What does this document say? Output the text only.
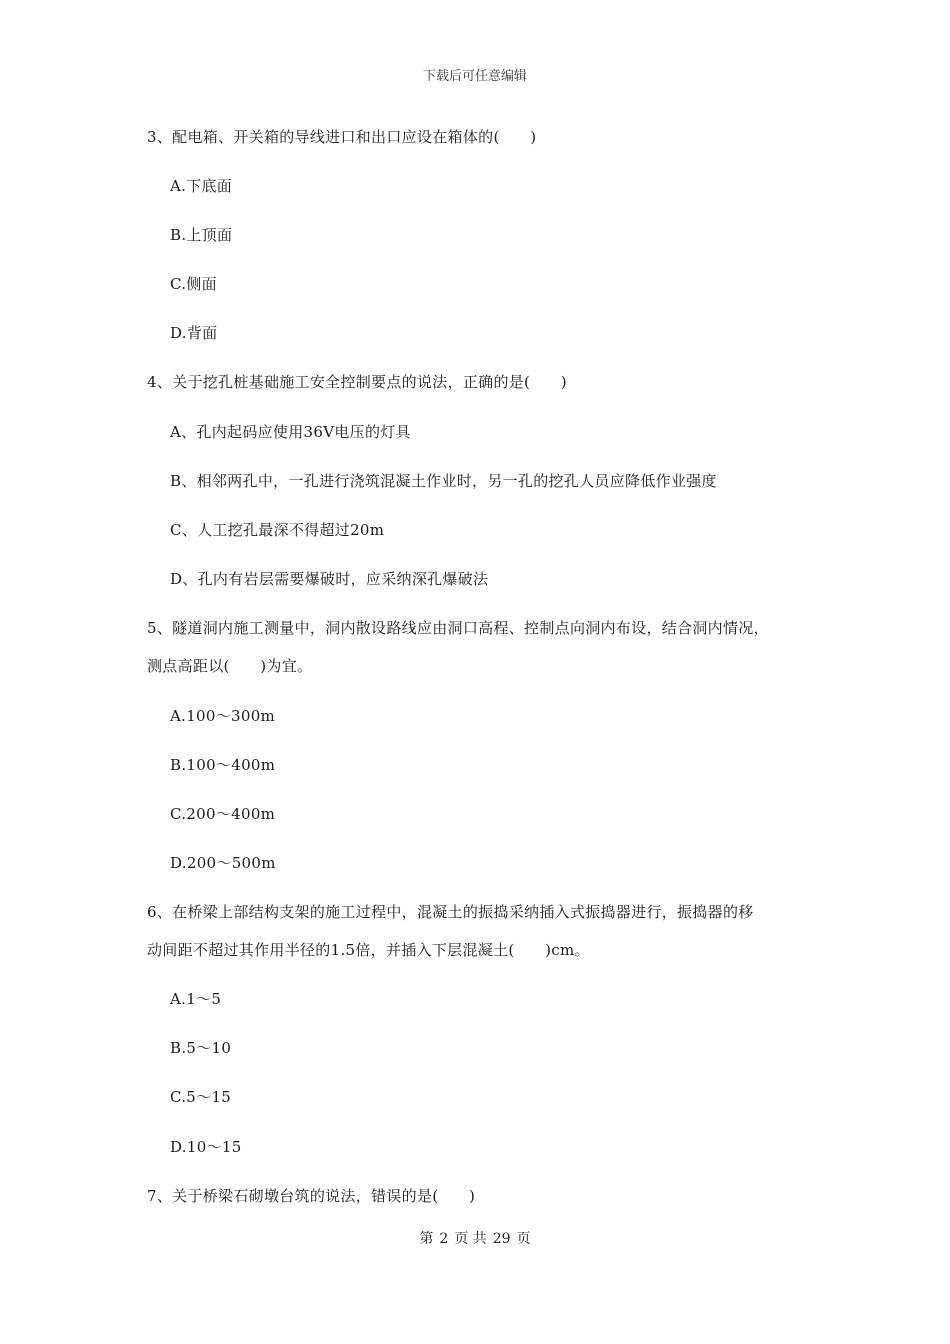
下载后可任意编辑
3、配电箱、开关箱的导线进口和出口应设在箱体的(　　)
A.下底面
B.上顶面
C.侧面
D.背面
4、关于挖孔桩基础施工安全控制要点的说法，正确的是(　　)
A、孔内起码应使用36V电压的灯具
B、相邻两孔中，一孔进行浇筑混凝土作业时，另一孔的挖孔人员应降低作业强度
C、人工挖孔最深不得超过20m
D、孔内有岩层需要爆破时，应采纳深孔爆破法
5、隧道洞内施工测量中，洞内散设路线应由洞口高程、控制点向洞内布设，结合洞内情况，
测点高距以(　　)为宜。
A.100～300m
B.100～400m
C.200～400m
D.200～500m
6、在桥梁上部结构支架的施工过程中，混凝土的振捣采纳插入式振捣器进行，振捣器的移
动间距不超过其作用半径的1.5倍，并插入下层混凝土(　　)cm。
A.1～5
B.5～10
C.5～15
D.10～15
7、关于桥梁石砌墩台筑的说法，错误的是(　　)
第 2 页 共 29 页
